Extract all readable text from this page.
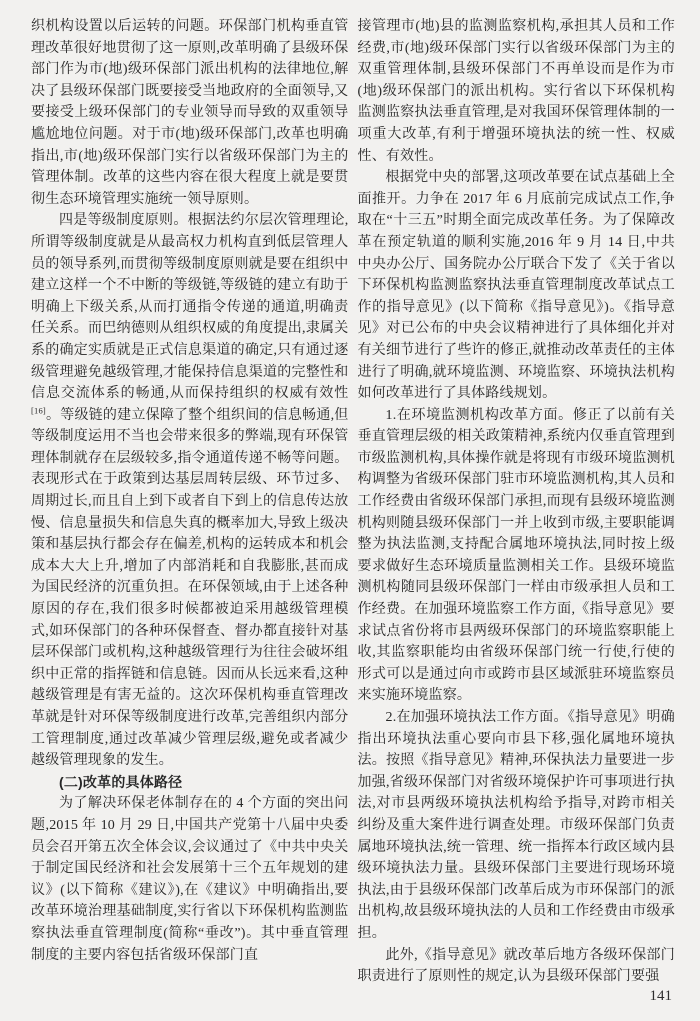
织机构设置以后运转的问题。环保部门机构垂直管理改革很好地贯彻了这一原则,改革明确了县级环保部门作为市(地)级环保部门派出机构的法律地位,解决了县级环保部门既要接受当地政府的全面领导,又要接受上级环保部门的专业领导而导致的双重领导尴尬地位问题。对于市(地)级环保部门,改革也明确指出,市(地)级环保部门实行以省级环保部门为主的管理体制。改革的这些内容在很大程度上就是要贯彻生态环境管理实施统一领导原则。

四是等级制度原则。根据法约尔层次管理理论,所谓等级制度就是从最高权力机构直到低层管理人员的领导系列,而贯彻等级制度原则就是要在组织中建立这样一个不中断的等级链,等级链的建立有助于明确上下级关系,从而打通指令传递的通道,明确责任关系。而巴纳德则从组织权威的角度提出,隶属关系的确定实质就是正式信息渠道的确定,只有通过逐级管理避免越级管理,才能保持信息渠道的完整性和信息交流体系的畅通,从而保持组织的权威有效性[16]。等级链的建立保障了整个组织间的信息畅通,但等级制度运用不当也会带来很多的弊端,现有环保管理体制就存在层级较多,指令通道传递不畅等问题。表现形式在于政策到达基层周转层级、环节过多、周期过长,而且自上到下或者自下到上的信息传达放慢、信息量损失和信息失真的概率加大,导致上级决策和基层执行都会存在偏差,机构的运转成本和机会成本大大上升,增加了内部消耗和自我膨胀,甚而成为国民经济的沉重负担。在环保领域,由于上述各种原因的存在,我们很多时候都被迫采用越级管理模式,如环保部门的各种环保督查、督办都直接针对基层环保部门或机构,这种越级管理行为往往会破坏组织中正常的指挥链和信息链。因而从长远来看,这种越级管理是有害无益的。这次环保机构垂直管理改革就是针对环保等级制度进行改革,完善组织内部分工管理制度,通过改革减少管理层级,避免或者减少越级管理现象的发生。

(二)改革的具体路径

为了解决环保老体制存在的 4 个方面的突出问题,2015 年 10 月 29 日,中国共产党第十八届中央委员会召开第五次全体会议,会议通过了《中共中央关于制定国民经济和社会发展第十三个五年规划的建议》(以下简称《建议》),在《建议》中明确指出,要改革环境治理基础制度,实行省以下环保机构监测监察执法垂直管理制度(简称“垂改”)。其中垂直管理制度的主要内容包括省级环保部门直

接管理市(地)县的监测监察机构,承担其人员和工作经费,市(地)级环保部门实行以省级环保部门为主的双重管理体制,县级环保部门不再单设而是作为市(地)级环保部门的派出机构。实行省以下环保机构监测监察执法垂直管理,是对我国环保管理体制的一项重大改革,有利于增强环境执法的统一性、权威性、有效性。

根据党中央的部署,这项改革要在试点基础上全面推开。力争在 2017 年 6 月底前完成试点工作,争取在“十三五”时期全面完成改革任务。为了保障改革在预定轨道的顺利实施,2016 年 9 月 14 日,中共中央办公厅、国务院办公厅联合下发了《关于省以下环保机构监测监察执法垂直管理制度改革试点工作的指导意见》(以下简称《指导意见》)。《指导意见》对已公布的中央会议精神进行了具体细化并对有关细节进行了些许的修正,就推动改革责任的主体进行了明确,就环境监测、环境监察、环境执法机构如何改革进行了具体路线规划。

1.在环境监测机构改革方面。修正了以前有关垂直管理层级的相关政策精神,系统内仅垂直管理到市级监测机构,具体操作就是将现有市级环境监测机构调整为省级环保部门驻市环境监测机构,其人员和工作经费由省级环保部门承担,而现有县级环境监测机构则随县级环保部门一并上收到市级,主要职能调整为执法监测,支持配合属地环境执法,同时按上级要求做好生态环境质量监测相关工作。县级环境监测机构随同县级环保部门一样由市级承担人员和工作经费。在加强环境监察工作方面,《指导意见》要求试点省份将市县两级环保部门的环境监察职能上收,其监察职能均由省级环保部门统一行使,行使的形式可以是通过向市或跨市县区域派驻环境监察员来实施环境监察。

2.在加强环境执法工作方面。《指导意见》明确指出环境执法重心要向市县下移,强化属地环境执法。按照《指导意见》精神,环保执法力量要进一步加强,省级环保部门对省级环境保护许可事项进行执法,对市县两级环境执法机构给予指导,对跨市相关纠纷及重大案件进行调查处理。市级环保部门负责属地环境执法,统一管理、统一指挥本行政区域内县级环境执法力量。县级环保部门主要进行现场环境执法,由于县级环保部门改革后成为市环保部门的派出机构,故县级环境执法的人员和工作经费由市级承担。

此外,《指导意见》就改革后地方各级环保部门职责进行了原则性的规定,认为县级环保部门要强

141
